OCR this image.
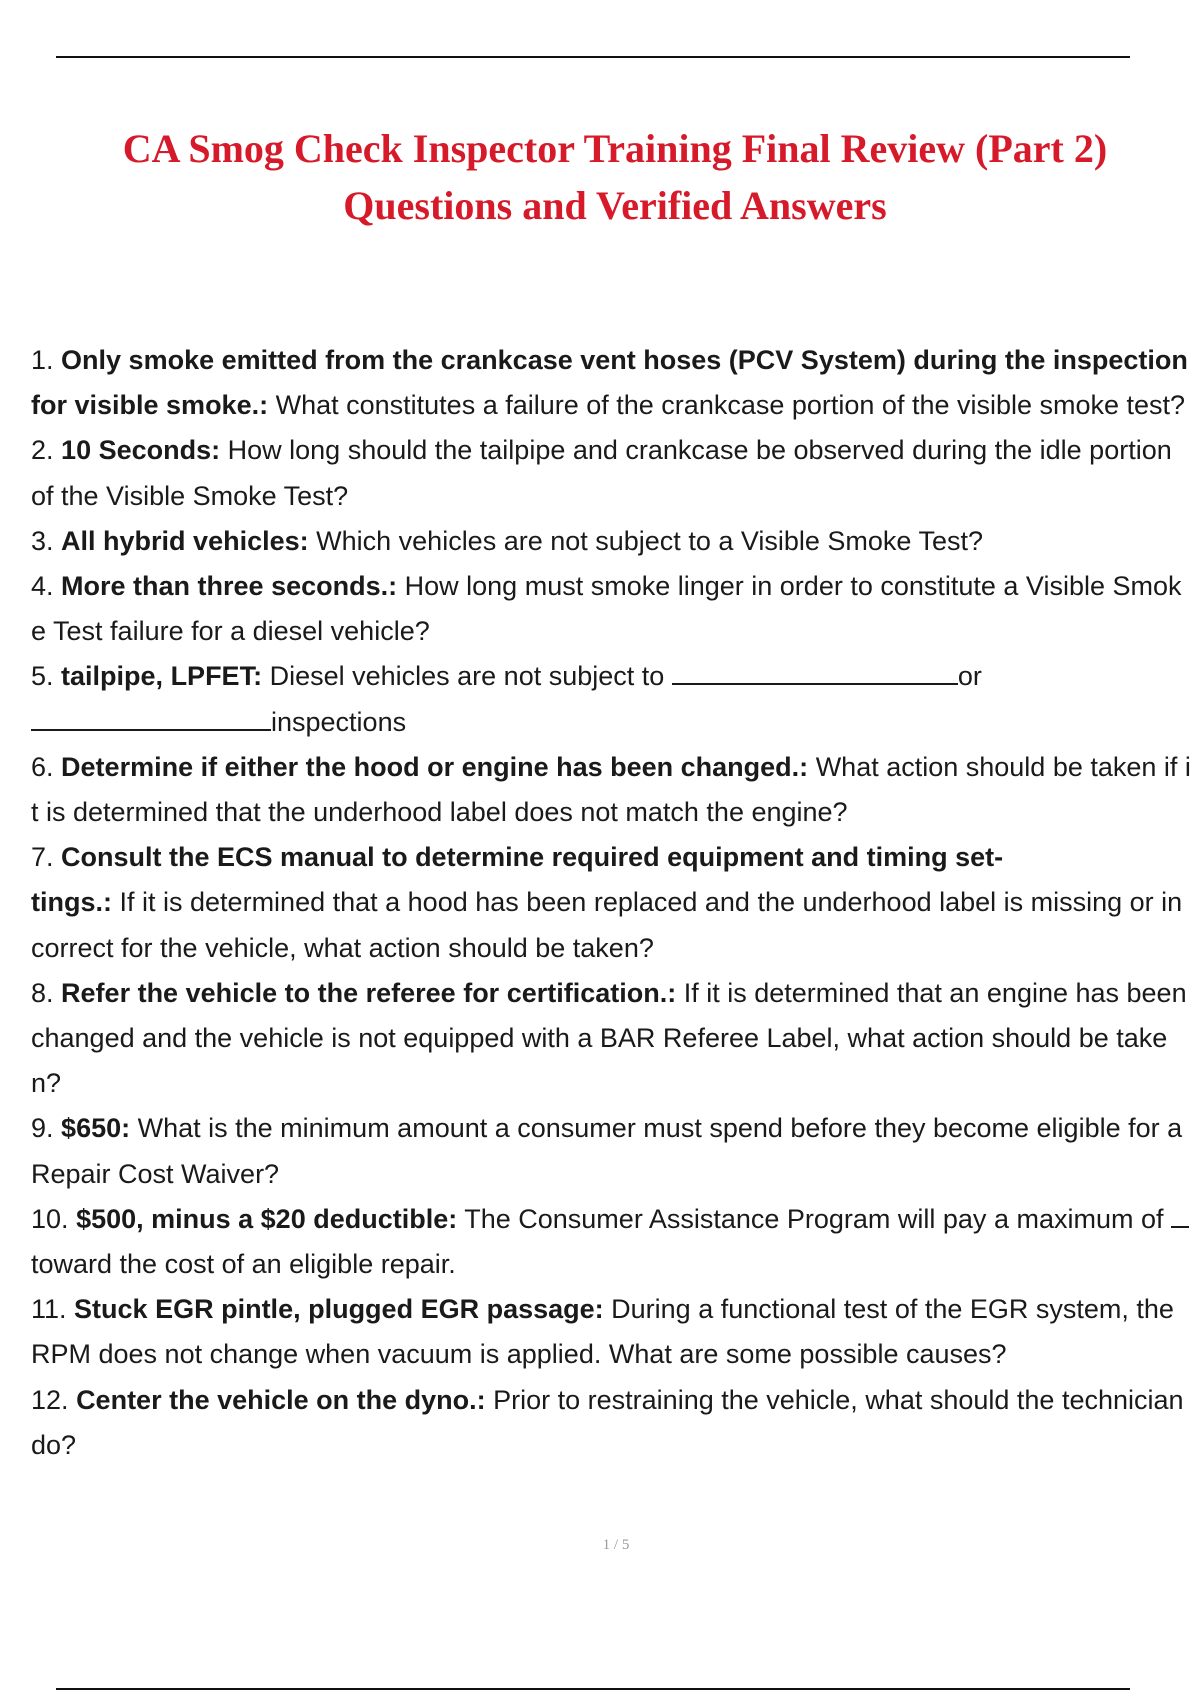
CA Smog Check Inspector Training Final Review (Part 2)
Questions and Verified Answers
1. Only smoke emitted from the crankcase vent hoses (PCV System) during the inspection for visible smoke.: What constitutes a failure of the crankcase portion of the visible smoke test?
2. 10 Seconds: How long should the tailpipe and crankcase be observed during the idle portion of the Visible Smoke Test?
3. All hybrid vehicles: Which vehicles are not subject to a Visible Smoke Test?
4. More than three seconds.: How long must smoke linger in order to constitute a Visible Smoke Test failure for a diesel vehicle?
5. tailpipe, LPFET: Diesel vehicles are not subject to	or
inspections
6. Determine if either the hood or engine has been changed.: What action should be taken if it is determined that the underhood label does not match the engine?
7. Consult the ECS manual to determine required equipment and timing set-
tings.: If it is determined that a hood has been replaced and the underhood label is missing or incorrect for the vehicle, what action should be taken?
8. Refer the vehicle to the referee for certification.: If it is determined that an engine has been changed and the vehicle is not equipped with a BAR Referee Label, what action should be taken?
9. $650: What is the minimum amount a consumer must spend before they become eligible for a Repair Cost Waiver?
10. $500, minus a $20 deductible: The Consumer Assistance Program will pay a maximum of toward the cost of an eligible repair.
11. Stuck EGR pintle, plugged EGR passage: During a functional test of the EGR system, the RPM does not change when vacuum is applied. What are some possible causes?
12. Center the vehicle on the dyno.: Prior to restraining the vehicle, what should the technician do?
1 / 5
